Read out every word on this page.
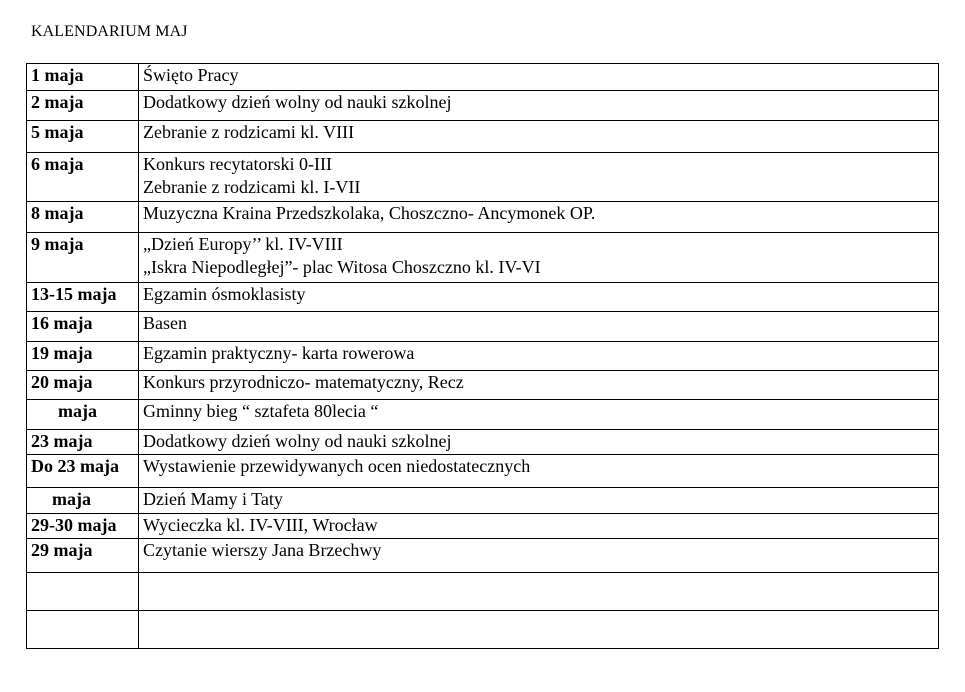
KALENDARIUM MAJ
1 maja	Święto Pracy

2 maja	Dodatkowy dzień wolny od nauki szkolnej

5 maja	Zebranie z rodzicami kl. VIII

6 maja	Konkurs recytatorski 0-III
Zebranie z rodzicami kl. I-VII

8 maja	Muzyczna Kraina Przedszkolaka, Choszczno- Ancymonek OP.

9 maja	„Dzień Europy’’ kl. IV-VIII
„Iskra Niepodległej”- plac Witosa Choszczno kl. IV-VI

13-15 maja	Egzamin ósmoklasisty

16 maja	Basen

19 maja	Egzamin praktyczny- karta rowerowa

20 maja	Konkurs przyrodniczo- matematyczny, Recz

maja	Gminny bieg “ sztafeta 80lecia “

23 maja	Dodatkowy dzień wolny od nauki szkolnej

Do 23 maja	Wystawienie przewidywanych ocen niedostatecznych

maja	Dzień Mamy i Taty

29-30 maja	Wycieczka kl. IV-VIII, Wrocław

29 maja	Czytanie wierszy Jana Brzechwy
